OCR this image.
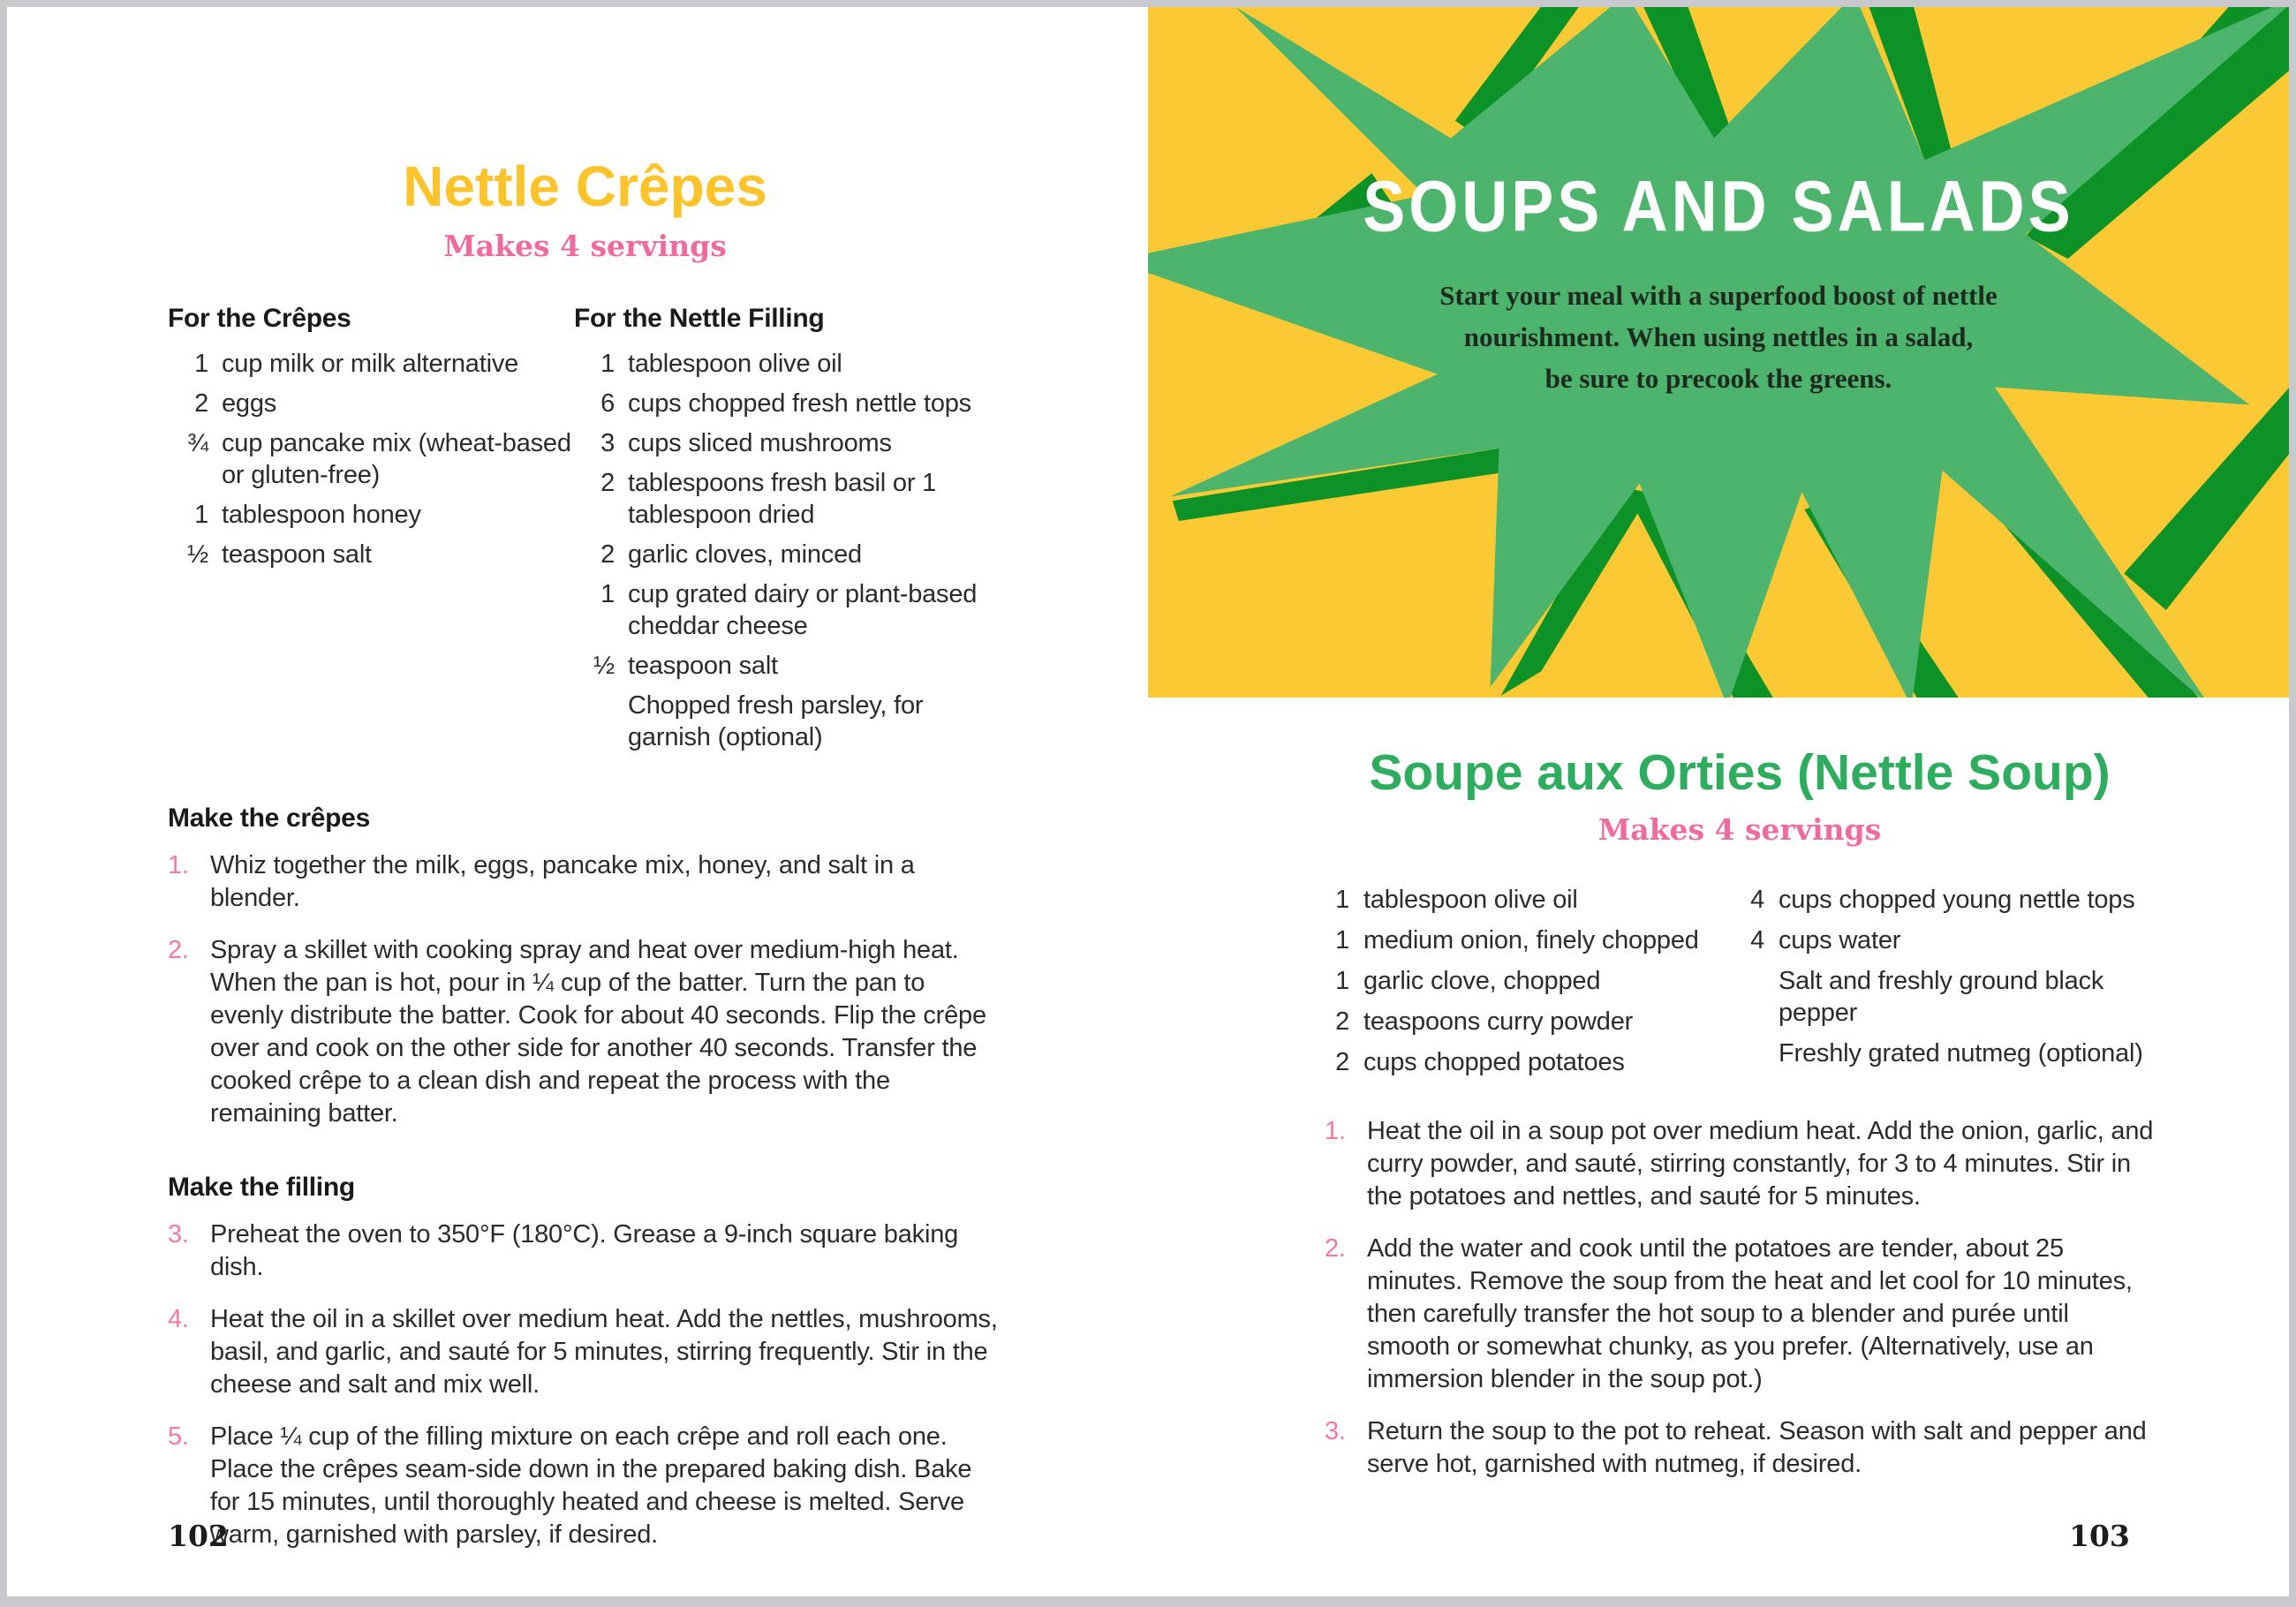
Nettle Crêpes
Makes 4 servings
For the Crêpes
1 cup milk or milk alternative
2 eggs
¾ cup pancake mix (wheat-based or gluten-free)
1 tablespoon honey
½ teaspoon salt
For the Nettle Filling
1 tablespoon olive oil
6 cups chopped fresh nettle tops
3 cups sliced mushrooms
2 tablespoons fresh basil or 1 tablespoon dried
2 garlic cloves, minced
1 cup grated dairy or plant-based cheddar cheese
½ teaspoon salt
Chopped fresh parsley, for garnish (optional)
Make the crêpes
1. Whiz together the milk, eggs, pancake mix, honey, and salt in a blender.
2. Spray a skillet with cooking spray and heat over medium-high heat. When the pan is hot, pour in ¼ cup of the batter. Turn the pan to evenly distribute the batter. Cook for about 40 seconds. Flip the crêpe over and cook on the other side for another 40 seconds. Transfer the cooked crêpe to a clean dish and repeat the process with the remaining batter.
Make the filling
3. Preheat the oven to 350°F (180°C). Grease a 9-inch square baking dish.
4. Heat the oil in a skillet over medium heat. Add the nettles, mushrooms, basil, and garlic, and sauté for 5 minutes, stirring frequently. Stir in the cheese and salt and mix well.
5. Place ¼ cup of the filling mixture on each crêpe and roll each one. Place the crêpes seam-side down in the prepared baking dish. Bake for 15 minutes, until thoroughly heated and cheese is melted. Serve warm, garnished with parsley, if desired.
SOUPS AND SALADS
Start your meal with a superfood boost of nettle
nourishment. When using nettles in a salad,
be sure to precook the greens.
Soupe aux Orties (Nettle Soup)
Makes 4 servings
1 tablespoon olive oil
1 medium onion, finely chopped
1 garlic clove, chopped
2 teaspoons curry powder
2 cups chopped potatoes
4 cups chopped young nettle tops
4 cups water
Salt and freshly ground black pepper
Freshly grated nutmeg (optional)
1. Heat the oil in a soup pot over medium heat. Add the onion, garlic, and curry powder, and sauté, stirring constantly, for 3 to 4 minutes. Stir in the potatoes and nettles, and sauté for 5 minutes.
2. Add the water and cook until the potatoes are tender, about 25 minutes. Remove the soup from the heat and let cool for 10 minutes, then carefully transfer the hot soup to a blender and purée until smooth or somewhat chunky, as you prefer. (Alternatively, use an immersion blender in the soup pot.)
3. Return the soup to the pot to reheat. Season with salt and pepper and serve hot, garnished with nutmeg, if desired.
102	103
